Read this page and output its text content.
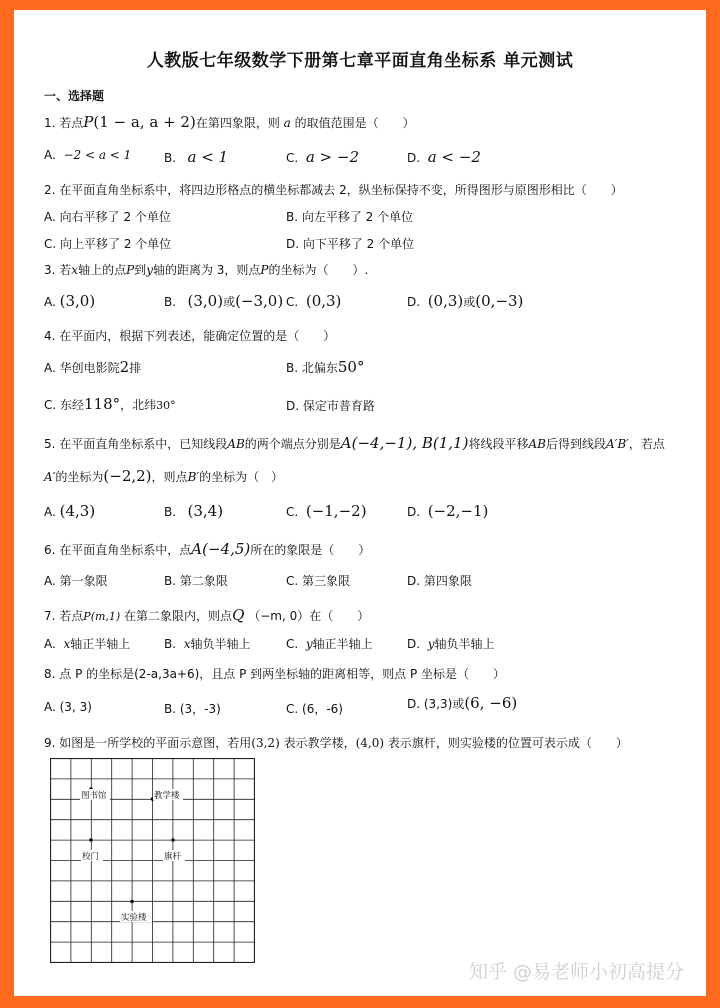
人教版七年级数学下册第七章平面直角坐标系 单元测试
一、选择题
1. 若点P(1 − a, a + 2)在第四象限，则 a 的取值范围是（　　）
A. −2 < a < 1	B. a < 1	C. a > −2	D. a < −2
2. 在平面直角坐标系中，将四边形格点的横坐标都减去 2，纵坐标保持不变，所得图形与原图形相比（　　）
A. 向右平移了 2 个单位	B. 向左平移了 2 个单位
C. 向上平移了 2 个单位	D. 向下平移了 2 个单位
3. 若x轴上的点P到y轴的距离为 3，则点P的坐标为（　　）.
A. (3,0)	B. (3,0)或(−3,0) C. (0,3)	D. (0,3)或(0,−3)
4. 在平面内，根据下列表述，能确定位置的是（　　）
A. 华创电影院2排	B. 北偏东50°
C. 东经118°，北纬30°	D. 保定市普育路
5. 在平面直角坐标系中，已知线段AB的两个端点分别是A(−4,−1), B(1,1)将线段平移AB后得到线段A′B′，若点
A′的坐标为(−2,2)，则点B′的坐标为（　）
A. (4,3)	B. (3,4)	C. (−1,−2)	D. (−2,−1)
6. 在平面直角坐标系中，点A(−4,5)所在的象限是（　　）
A. 第一象限	B. 第二象限	C. 第三象限	D. 第四象限
7. 若点P(m,1) 在第二象限内，则点Q （−m, 0）在（　　）
A. x轴正半轴上	B. x轴负半轴上	C. y轴正半轴上	D. y轴负半轴上
8. 点 P 的坐标是(2-a,3a+6)，且点 P 到两坐标轴的距离相等，则点 P 坐标是（　　）
A. (3, 3)	B. (3，-3)	C. (6，-6)	D. (3,3)或(6, −6)
9. 如图是一所学校的平面示意图，若用(3,2) 表示教学楼，(4,0) 表示旗杆，则实验楼的位置可表示成（　　）
图书馆	教学楼
校门	旗杆
实验楼
知乎 @易老师小初高提分
